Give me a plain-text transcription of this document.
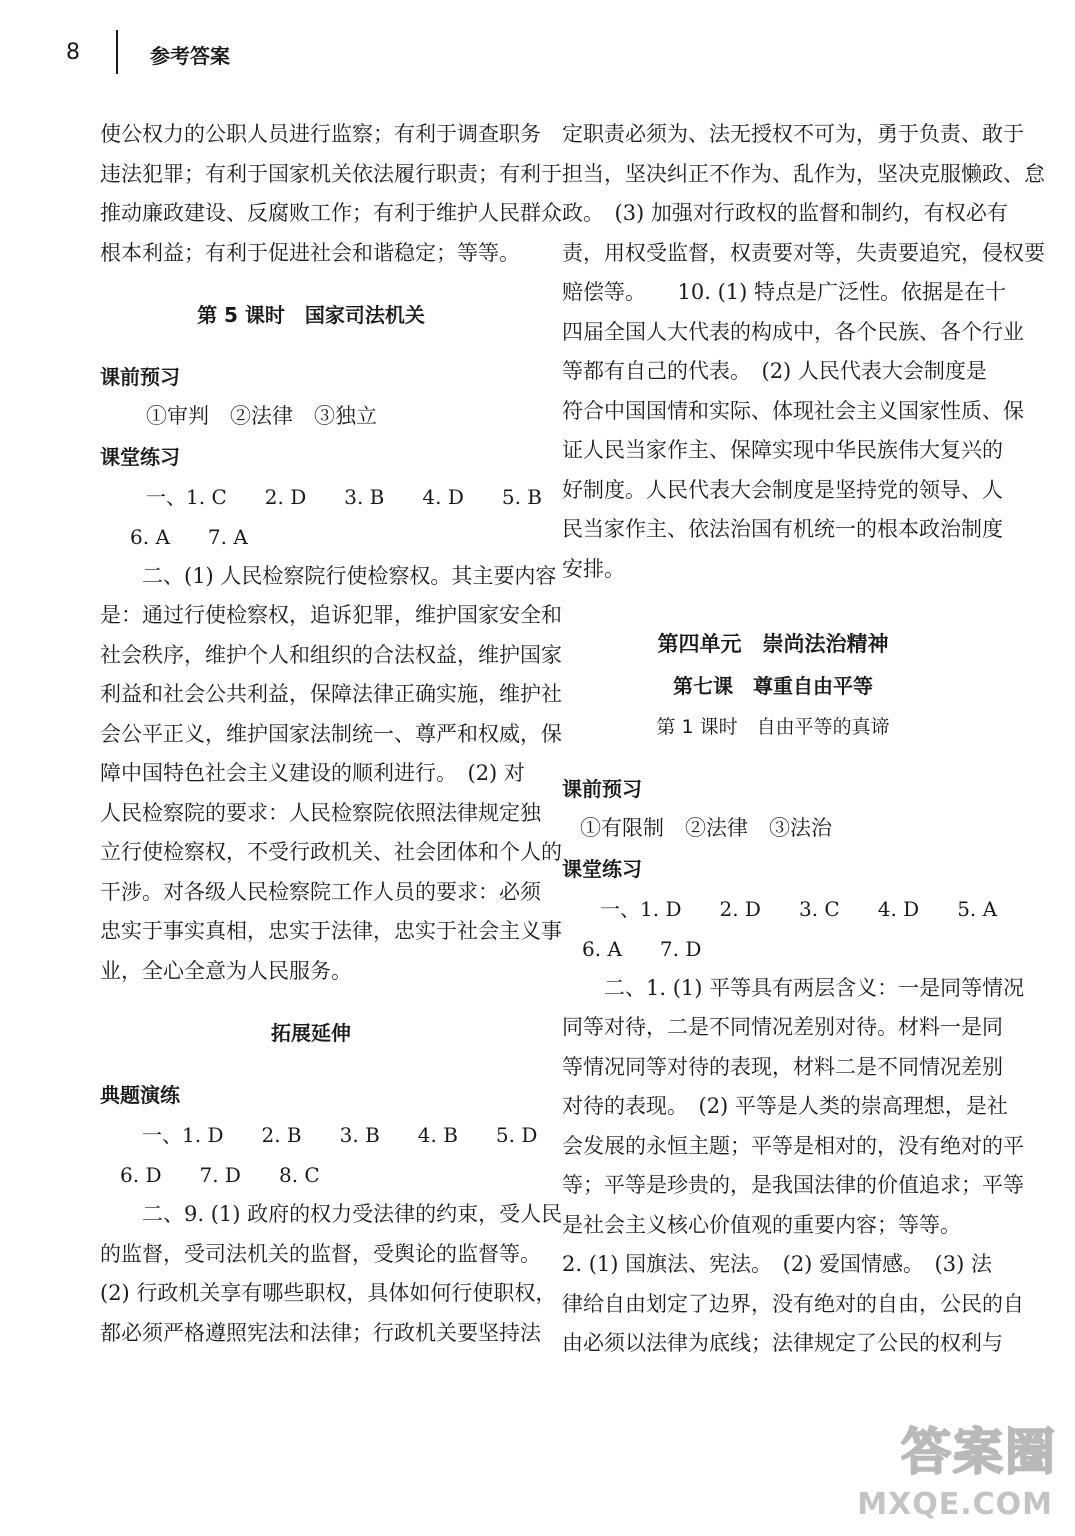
8	参考答案
使公权力的公职人员进行监察；有利于调查职务
违法犯罪；有利于国家机关依法履行职责；有利于
推动廉政建设、反腐败工作；有利于维护人民群众
根本利益；有利于促进社会和谐稳定；等等。
第 5 课时　国家司法机关
课前预习
①审判　②法律　③独立
课堂练习
一、1. C 2. D 3. B 4. D 5. B
6. A 7. A
二、(1) 人民检察院行使检察权。其主要内容
是：通过行使检察权，追诉犯罪，维护国家安全和
社会秩序，维护个人和组织的合法权益，维护国家
利益和社会公共利益，保障法律正确实施，维护社
会公平正义，维护国家法制统一、尊严和权威，保
障中国特色社会主义建设的顺利进行。　(2) 对
人民检察院的要求：人民检察院依照法律规定独
立行使检察权，不受行政机关、社会团体和个人的
干涉。对各级人民检察院工作人员的要求：必须
忠实于事实真相，忠实于法律，忠实于社会主义事
业，全心全意为人民服务。
拓展延伸
典题演练
一、1. D 2. B 3. B 4. B 5. D
6. D 7. D 8. C
二、9. (1) 政府的权力受法律的约束，受人民
的监督，受司法机关的监督，受舆论的监督等。
(2) 行政机关享有哪些职权，具体如何行使职权，
都必须严格遵照宪法和法律；行政机关要坚持法
定职责必须为、法无授权不可为，勇于负责、敢于
担当，坚决纠正不作为、乱作为，坚决克服懒政、怠
政。　(3) 加强对行政权的监督和制约，有权必有
责，用权受监督，权责要对等，失责要追究，侵权要
赔偿等。　　10. (1) 特点是广泛性。依据是在十
四届全国人大代表的构成中，各个民族、各个行业
等都有自己的代表。　(2) 人民代表大会制度是
符合中国国情和实际、体现社会主义国家性质、保
证人民当家作主、保障实现中华民族伟大复兴的
好制度。人民代表大会制度是坚持党的领导、人
民当家作主、依法治国有机统一的根本政治制度
安排。
第四单元　崇尚法治精神
第七课　尊重自由平等
第 1 课时　自由平等的真谛
课前预习
①有限制　②法律　③法治
课堂练习
一、1. D 2. D 3. C 4. D 5. A
6. A 7. D
二、1. (1) 平等具有两层含义：一是同等情况
同等对待，二是不同情况差别对待。材料一是同
等情况同等对待的表现，材料二是不同情况差别
对待的表现。　(2) 平等是人类的崇高理想，是社
会发展的永恒主题；平等是相对的，没有绝对的平
等；平等是珍贵的，是我国法律的价值追求；平等
是社会主义核心价值观的重要内容；等等。
2. (1) 国旗法、宪法。　(2) 爱国情感。　(3) 法
律给自由划定了边界，没有绝对的自由，公民的自
由必须以法律为底线；法律规定了公民的权利与
答案圈
MXQE.COM
